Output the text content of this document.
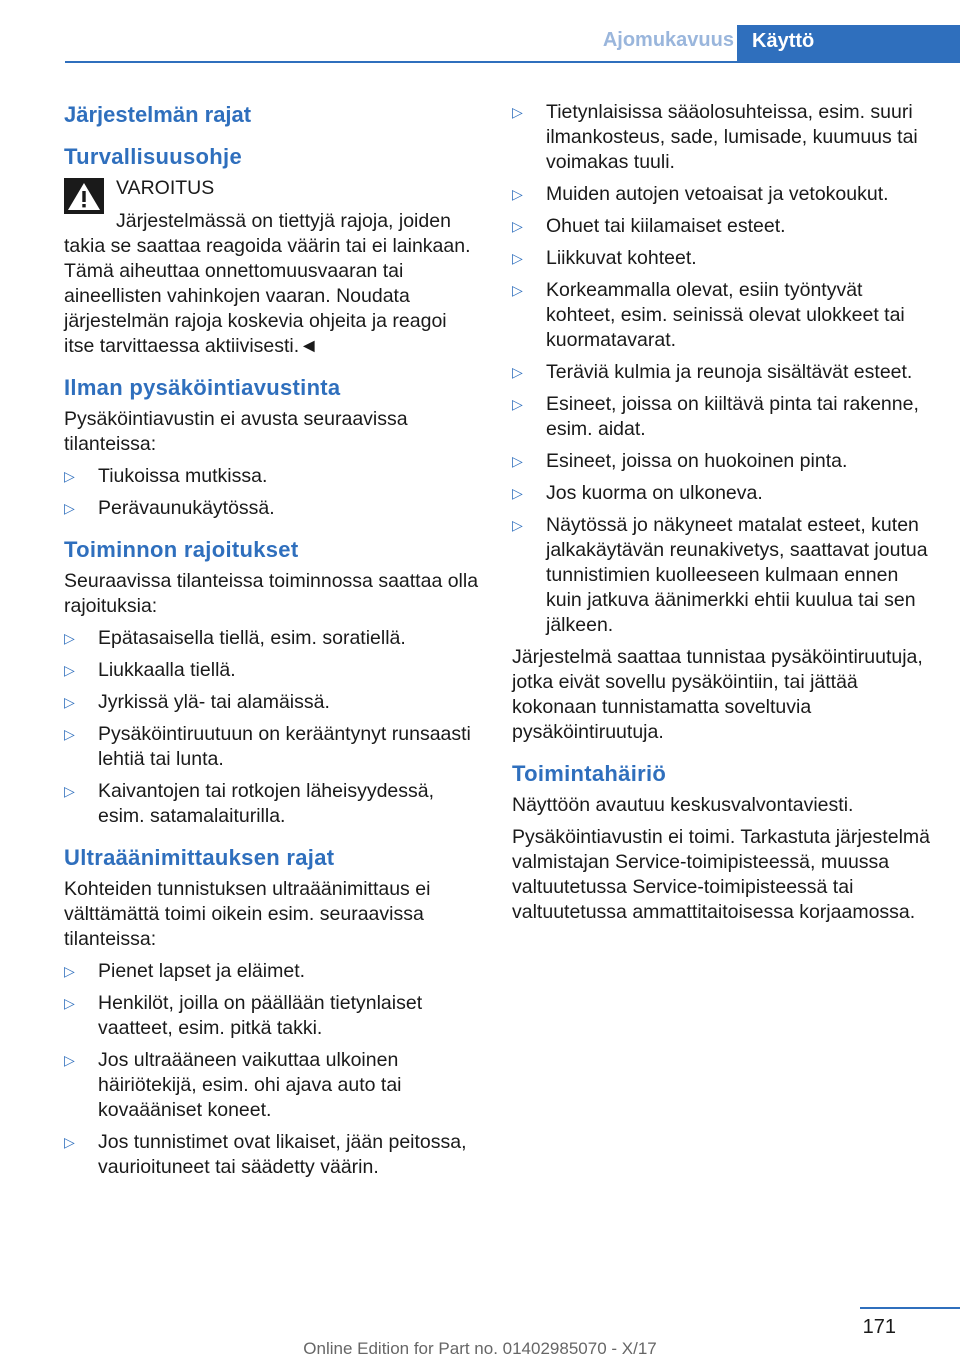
Ajomukavuus Käyttö
Järjestelmän rajat
Turvallisuusohje
VAROITUS
Järjestelmässä on tiettyjä rajoja, joiden

takia se saattaa reagoida väärin tai ei lainkaan. Tämä aiheuttaa onnettomuusvaaran tai aineellisten vahinkojen vaaran. Noudata järjestelmän rajoja koskevia ohjeita ja reagoi itse tarvittaessa aktiivisesti.◄

Ilman pysäköintiavustinta

Pysäköintiavustin ei avusta seuraavissa tilanteissa:

▷ Tiukoissa mutkissa.
▷ Perävaunukäytössä.
Toiminnon rajoitukset

Seuraavissa tilanteissa toiminnossa saattaa olla rajoituksia:

▷ Epätasaisella tiellä, esim. soratiellä.
▷ Liukkaalla tiellä.
▷ Jyrkissä ylä- tai alamäissä.
▷ Pysäköintiruutuun on kerääntynyt runsaasti lehtiä tai lunta.
▷ Kaivantojen tai rotkojen läheisyydessä, esim. satamalaiturilla.
Ultraäänimittauksen rajat

Kohteiden tunnistuksen ultraäänimittaus ei välttämättä toimi oikein esim. seuraavissa tilanteissa:

▷ Pienet lapset ja eläimet.
▷ Henkilöt, joilla on päällään tietynlaiset vaatteet, esim. pitkä takki.
▷ Jos ultraääneen vaikuttaa ulkoinen häiriötekijä, esim. ohi ajava auto tai kovaääniset koneet.
▷ Jos tunnistimet ovat likaiset, jään peitossa, vaurioituneet tai säädetty väärin.
▷ Tietynlaisissa sääolosuhteissa, esim. suuri ilmankosteus, sade, lumisade, kuumuus tai voimakas tuuli.
▷ Muiden autojen vetoaisat ja vetokoukut.
▷ Ohuet tai kiilamaiset esteet.
▷ Liikkuvat kohteet.
▷ Korkeammalla olevat, esiin työntyvät kohteet, esim. seinissä olevat ulokkeet tai kuormatavarat.
▷ Teräviä kulmia ja reunoja sisältävät esteet.
▷ Esineet, joissa on kiiltävä pinta tai rakenne, esim. aidat.
▷ Esineet, joissa on huokoinen pinta.
▷ Jos kuorma on ulkoneva.
▷ Näytössä jo näkyneet matalat esteet, kuten jalkakäytävän reunakivetys, saattavat joutua tunnistimien kuolleeseen kulmaan ennen kuin jatkuva äänimerkki ehtii kuulua tai sen jälkeen.

Järjestelmä saattaa tunnistaa pysäköintiruutuja, jotka eivät sovellu pysäköintiin, tai jättää kokonaan tunnistamatta soveltuvia pysäköintiruutuja.

Toimintahäiriö

Näyttöön avautuu keskusvalvontaviesti.

Pysäköintiavustin ei toimi. Tarkastuta järjestelmä valmistajan Service-toimipisteessä, muussa valtuutetussa Service-toimipisteessä tai valtuutetussa ammattitaitoisessa korjaamossa.

171
Online Edition for Part no. 01402985070 - X/17
